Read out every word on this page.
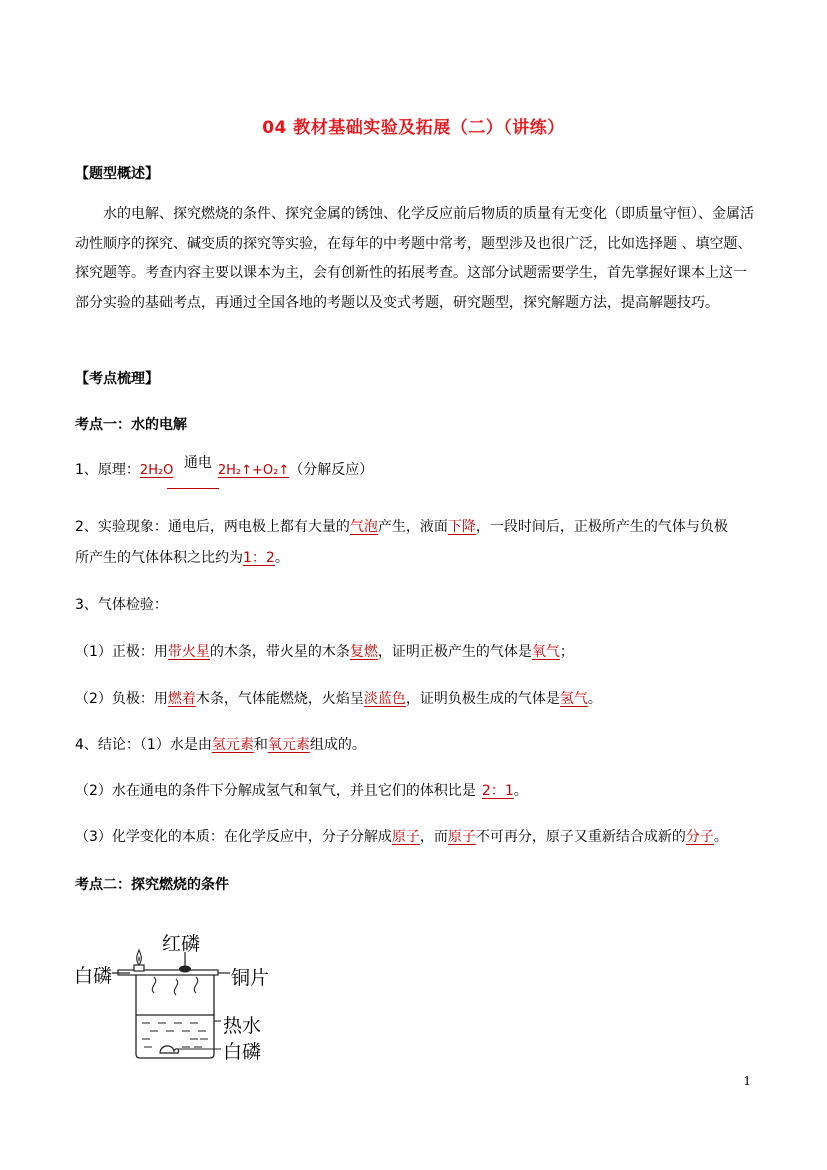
04 教材基础实验及拓展（二）（讲练）
【题型概述】
水的电解、探究燃烧的条件、探究金属的锈蚀、化学反应前后物质的质量有无变化（即质量守恒）、金属活动性顺序的探究、碱变质的探究等实验，在每年的中考题中常考，题型涉及也很广泛，比如选择题 、填空题、探究题等。考查内容主要以课本为主，会有创新性的拓展考查。这部分试题需要学生，首先掌握好课本上这一部分实验的基础考点，再通过全国各地的考题以及变式考题，研究题型，探究解题方法，提高解题技巧。
【考点梳理】
考点一：水的电解
1、原理：2H₂O 通电 2H₂↑+O₂↑（分解反应）
2、实验现象：通电后，两电极上都有大量的气泡产生，液面下降，一段时间后，正极所产生的气体与负极
所产生的气体体积之比约为1：2。
3、气体检验：
（1）正极：用带火星的木条，带火星的木条复燃，证明正极产生的气体是氧气；
（2）负极：用燃着木条，气体能燃烧，火焰呈淡蓝色，证明负极生成的气体是氢气。
4、结论：（1）水是由氢元素和氧元素组成的。
（2）水在通电的条件下分解成氢气和氧气，并且它们的体积比是 2：1。
（3）化学变化的本质：在化学反应中，分子分解成原子，而原子不可再分，原子又重新结合成新的分子。
考点二：探究燃烧的条件
红磷
白磷	铜片
热水
白磷
1
